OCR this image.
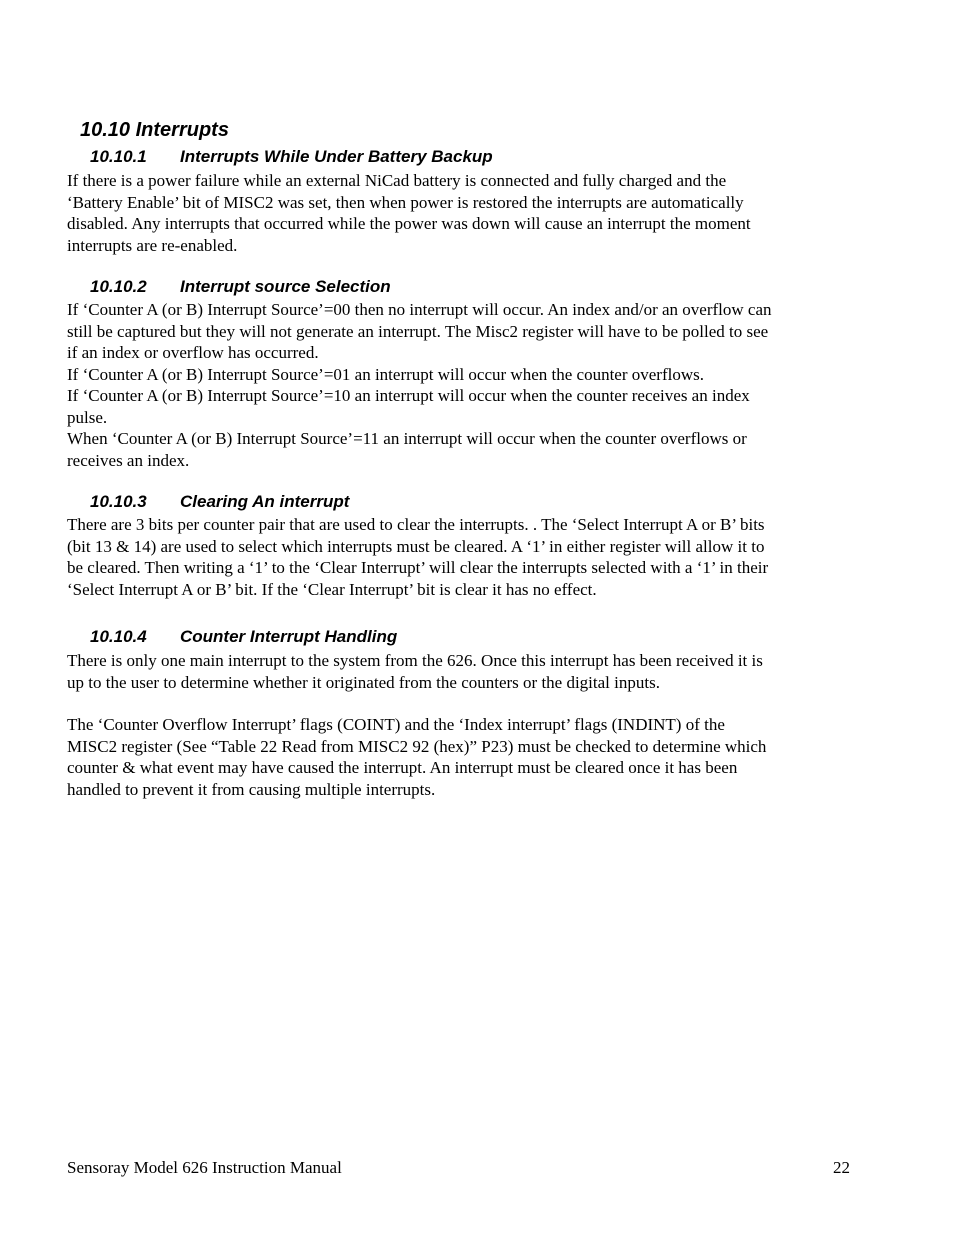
10.10 Interrupts
10.10.1 Interrupts While Under Battery Backup
If there is a power failure while an external NiCad battery is connected and fully charged and the
‘Battery Enable’ bit of MISC2 was set, then when power is restored the interrupts are automatically
disabled. Any interrupts that occurred while the power was down will cause an interrupt the moment
interrupts are re-enabled.
10.10.2 Interrupt source Selection
If ‘Counter A (or B) Interrupt Source’=00 then no interrupt will occur. An index and/or an overflow can
still be captured but they will not generate an interrupt. The Misc2 register will have to be polled to see
if an index or overflow has occurred.
If ‘Counter A (or B) Interrupt Source’=01 an interrupt will occur when the counter overflows.
If ‘Counter A (or B) Interrupt Source’=10 an interrupt will occur when the counter receives an index
pulse.
When ‘Counter A (or B) Interrupt Source’=11 an interrupt will occur when the counter overflows or
receives an index.
10.10.3 Clearing An interrupt
There are 3 bits per counter pair that are used to clear the interrupts. . The ‘Select Interrupt A or B’ bits
(bit 13 & 14) are used to select which interrupts must be cleared. A ‘1’ in either register will allow it to
be cleared. Then writing a ‘1’ to the ‘Clear Interrupt’ will clear the interrupts selected with a ‘1’ in their
‘Select Interrupt A or B’ bit. If the ‘Clear Interrupt’ bit is clear it has no effect.
10.10.4 Counter Interrupt Handling
There is only one main interrupt to the system from the 626. Once this interrupt has been received it is
up to the user to determine whether it originated from the counters or the digital inputs.
The ‘Counter Overflow Interrupt’ flags (COINT) and the ‘Index interrupt’ flags (INDINT) of the
MISC2 register (See “Table 22 Read from MISC2 92 (hex)” P23) must be checked to determine which
counter & what event may have caused the interrupt. An interrupt must be cleared once it has been
handled to prevent it from causing multiple interrupts.
Sensoray Model 626 Instruction Manual	22
